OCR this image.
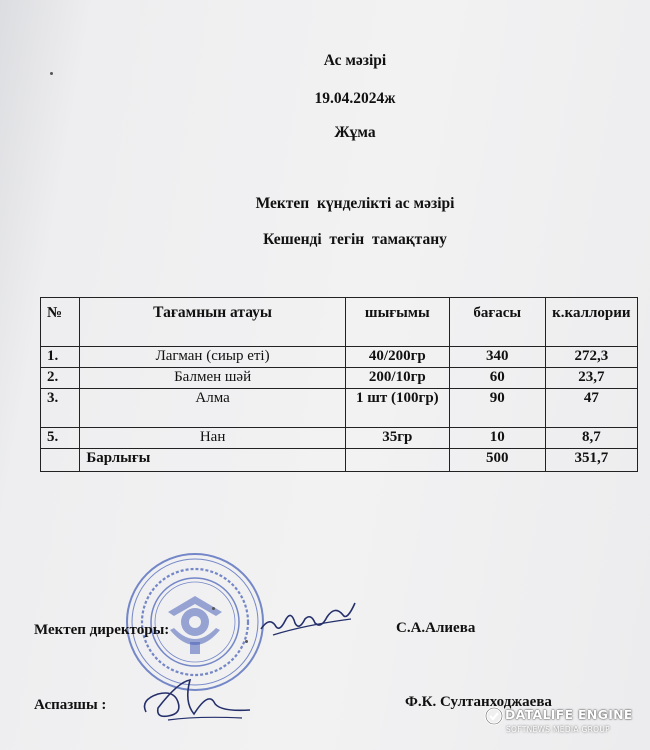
Ас мәзірі
19.04.2024ж
Жұма
Мектеп  күнделікті ас мәзірі
Кешенді  тегін  тамақтану
№	Тағамнын атауы	шығымы	бағасы	к.каллории
1.	Лагман (сиыр еті)	40/200гр	340	272,3
2.	Балмен шәй	200/10гр	60	23,7
3.	Алма	1 шт (100гр)	90	47
5.	Нан	35гр	10	8,7
	Барлығы		500	351,7
Мектеп директоры:	С.А.Алиева
Аспазшы :	Ф.К. Султанходжаева
DATALIFE ENGINE
SOFTNEWS MEDIA GROUP
